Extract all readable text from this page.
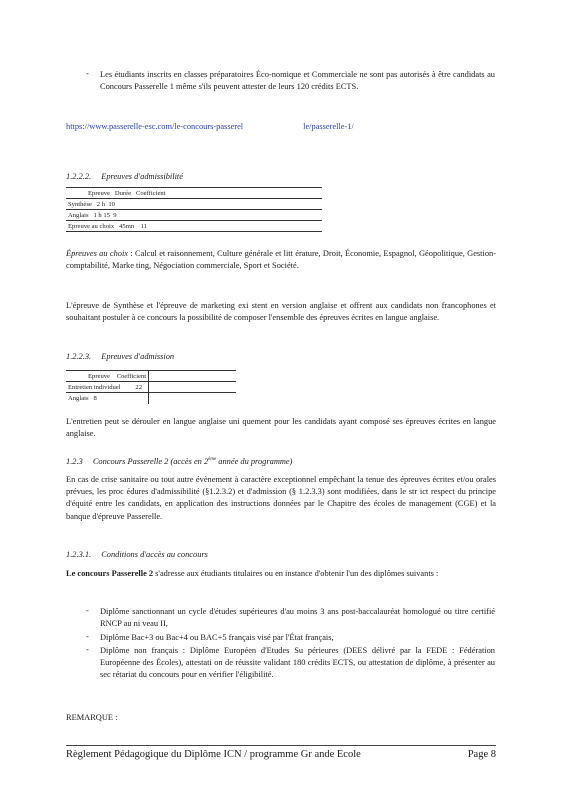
- Les étudiants inscrits en classes préparatoires Éco-nomique et Commerciale ne sont pas autorisés à être candidats au Concours Passerelle 1 même s'ils peuvent attester de leurs 120 crédits ECTS.

https://www.passerelle-esc.com/le-concours-passerel	le/passerelle-1/
1.2.2.2. Epreuves d'admissibilité
Epreuve Durée Coefficient
Synthèse 2 h 10
Anglais 1 h 15 9
Epreuve au choix 45mn 11

Épreuves au choix : Calcul et raisonnement, Culture générale et litt érature, Droit, Économie, Espagnol, Géopolitique, Gestion-comptabilité, Marke ting, Négociation commerciale, Sport et Société.

L'épreuve de Synthèse et l'épreuve de marketing exi stent en version anglaise et offrent aux candidats non francophones et souhaitant postuler à ce concours la possibilité de composer l'ensemble des épreuves écrites en langue anglaise.

1.2.2.3. Epreuves d'admission
Epreuve Coefficient
Entretien individuel 22
Anglais 8

L'entretien peut se dérouler en langue anglaise uni quement pour les candidats ayant composé ses épreuves écrites en langue anglaise.

1.2.3 Concours Passerelle 2 (accès en 2ème année du programme)

En cas de crise sanitaire ou tout autre évènement à caractère exceptionnel empêchant la tenue des épreuves écrites et/ou orales prévues, les proc édures d'admissibilité (§1.2.3.2) et d'admission (§ 1.2.3.3) sont modifiées, dans le str ict respect du principe d'équité entre les candidats, en application des instructions données par le Chapitre des écoles de management (CGE) et la banque d'épreuve Passerelle.

1.2.3.1. Conditions d'accès au concours

Le concours Passerelle 2 s'adresse aux étudiants titulaires ou en instance d'obtenir l'un des diplômes suivants :

- Diplôme sanctionnant un cycle d'études supérieures d'au moins 3 ans post-baccalauréat homologué ou titre certifié RNCP au ni veau II,

- Diplôme Bac+3 ou Bac+4 ou BAC+5 français visé par l'État français,

- Diplôme non français : Diplôme Européen d'Etudes Su périeures (DEES délivré par la FEDE : Fédération Européenne des Écoles), attestati on de réussite validant 180 crédits ECTS, ou attestation de diplôme, à présenter au sec rétariat du concours pour en vérifier l'éligibilité.

REMARQUE :

Règlement Pédagogique du Diplôme ICN / programme Gr ande Ecole	Page 8
